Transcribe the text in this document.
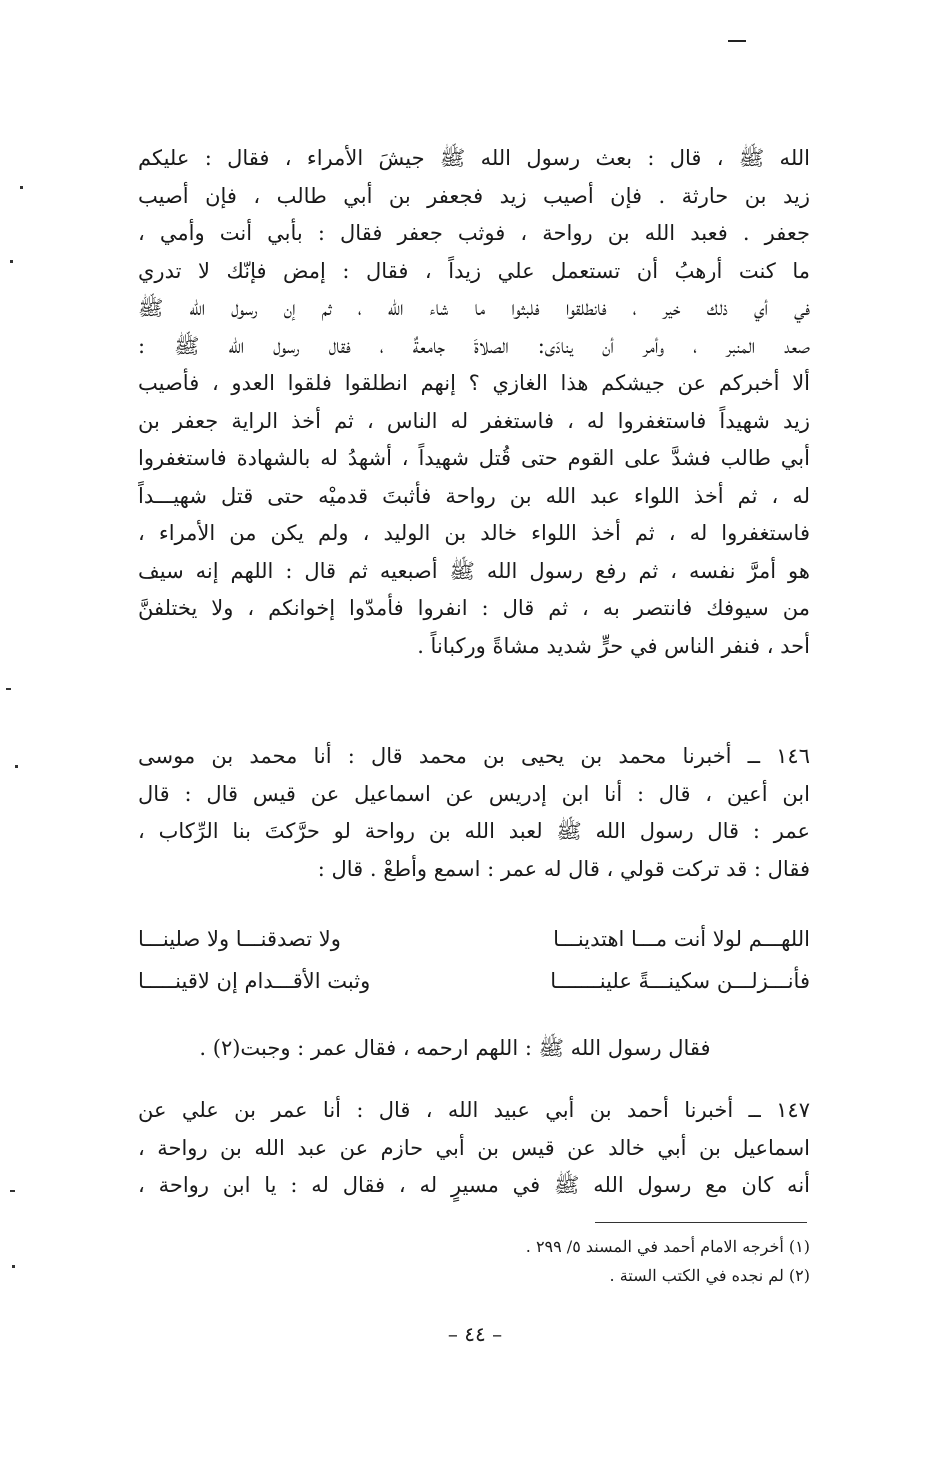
الله ﷺ ، قال : بعث رسول الله ﷺ جيشَ الأمراء ، فقال : عليكم
زيد بن حارثة . فإن أصيب زيد فجعفر بن أبي طالب ، فإن أصيب
جعفر . فعبد الله بن رواحة ، فوثب جعفر فقال : بأبي أنت وأمي ،
ما كنت أرهبُ أن تستعمل علي زيداً ، فقال : إمض فإنّك لا تدري
في أي ذلك خير ، فانطلقوا فلبثوا ما شاء الله ، ثم إن رسول الله ﷺ
صعد المنبر ، وأمر أن ينادَى: الصلاةَ جامعةٌ ، فقال رسول الله ﷺ :
ألا أخبركم عن جيشكم هذا الغازي ؟ إنهم انطلقوا فلقوا العدو ، فأصيب
زيد شهيداً فاستغفروا له ، فاستغفر له الناس ، ثم أخذ الراية جعفر بن
أبي طالب فشدَّ على القوم حتى قُتل شهيداً ، أشهدُ له بالشهادة فاستغفروا
له ، ثم أخذ اللواء عبد الله بن رواحة فأثبتَ قدميْه حتى قتل شهيـــداً
فاستغفروا له ، ثم أخذ اللواء خالد بن الوليد ، ولم يكن من الأمراء ،
هو أمرَّ نفسه ، ثم رفع رسول الله ﷺ أصبعيه ثم قال : اللهم إنه سيف
من سيوفك فانتصر به ، ثم قال : انفروا فأمدّوا إخوانكم ، ولا يختلفنَّ
أحد ، فنفر الناس في حرٍّ شديد مشاةً وركباناً .
١٤٦ ــ أخبرنا محمد بن يحيى بن محمد قال : أنا محمد بن موسى
ابن أعين ، قال : أنا ابن إدريس عن اسماعيل عن قيس قال : قال
عمر : قال رسول الله ﷺ لعبد الله بن رواحة لو حرَّكتَ بنا الرِّكاب ،
فقال : قد تركت قولي ، قال له عمر : اسمع وأطعْ . قال :
اللهـــم لولا أنت مـــا اهتدينـــا
ولا تصدقنـــا ولا صلينـــا
فأنـــزلـــن سكينـــةً علينـــــــا
وثبت الأقـــدام إن لاقينـــــا
فقال رسول الله ﷺ : اللهم ارحمه ، فقال عمر : وجبت(٢) .
١٤٧ ــ أخبرنا أحمد بن أبي عبيد الله ، قال : أنا عمر بن علي عن
اسماعيل بن أبي خالد عن قيس بن أبي حازم عن عبد الله بن رواحة ،
أنه كان مع رسول الله ﷺ في مسيرٍ له ، فقال له : يا ابن رواحة ،
(١) أخرجه الامام أحمد في المسند ٥/ ٢٩٩ .
(٢) لم نجده في الكتب الستة .
– ٤٤ –
